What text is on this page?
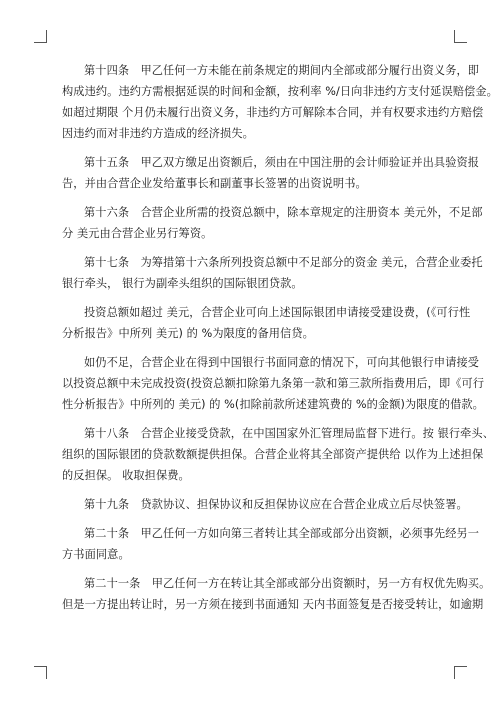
第十四条　甲乙任何一方未能在前条规定的期间内全部或部分履行出资义务，即
构成违约。违约方需根据延误的时间和金额，按利率 %/日向非违约方支付延误赔偿金。
如超过期限 个月仍未履行出资义务，非违约方可解除本合同，并有权要求违约方赔偿
因违约而对非违约方造成的经济损失。

第十五条　甲乙双方缴足出资额后，须由在中国注册的会计师验证并出具验资报
告，并由合营企业发给董事长和副董事长签署的出资说明书。

第十六条　合营企业所需的投资总额中，除本章规定的注册资本 美元外，不足部
分 美元由合营企业另行筹资。

第十七条　为筹措第十六条所列投资总额中不足部分的资金 美元，合营企业委托
银行牵头， 银行为副牵头组织的国际银团贷款。

投资总额如超过 美元，合营企业可向上述国际银团申请接受建设费，(《可行性
分析报告》中所列 美元) 的 %为限度的备用信贷。

如仍不足，合营企业在得到中国银行书面同意的情况下，可向其他银行申请接受
以投资总额中未完成投资(投资总额扣除第九条第一款和第三款所指费用后，即《可行
性分析报告》中所列的 美元) 的 %(扣除前款所述建筑费的 %的金额)为限度的借款。

第十八条　合营企业接受贷款，在中国国家外汇管理局监督下进行。按 银行牵头、
组织的国际银团的贷款数额提供担保。合营企业将其全部资产提供给 以作为上述担保
的反担保。 收取担保费。

第十九条　贷款协议、担保协议和反担保协议应在合营企业成立后尽快签署。

第二十条　甲乙任何一方如向第三者转让其全部或部分出资额，必须事先经另一
方书面同意。

第二十一条　甲乙任何一方在转让其全部或部分出资额时，另一方有权优先购买。
但是一方提出转让时，另一方须在接到书面通知 天内书面签复是否接受转让，如逾期
